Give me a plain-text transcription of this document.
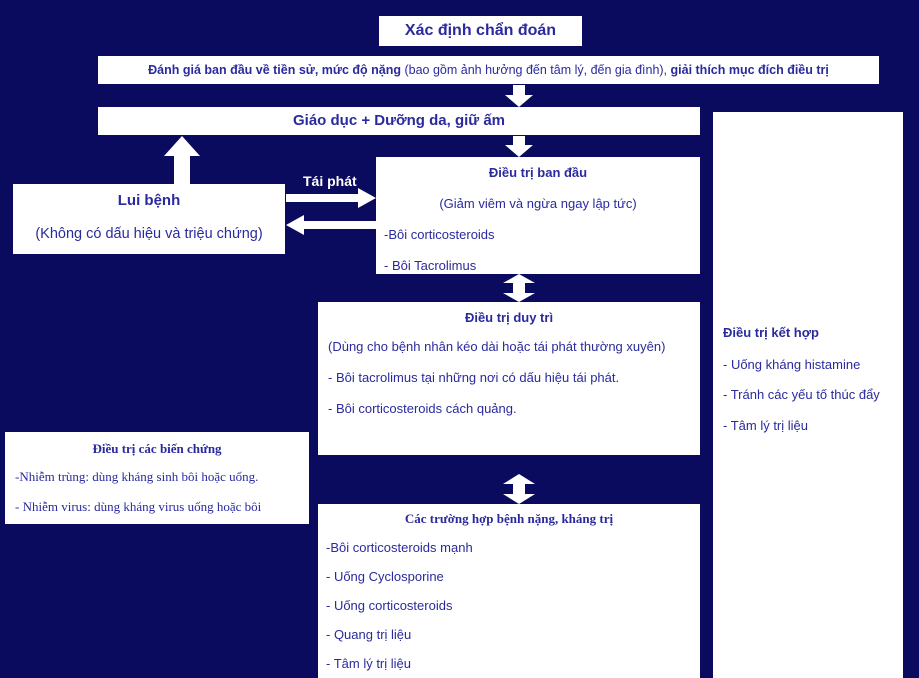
Xác định chẩn đoán
Đánh giá ban đầu về tiền sử, mức độ nặng (bao gồm ảnh hưởng đến tâm lý, đến gia đình), giải thích mục đích điều trị
Giáo dục + Dưỡng da, giữ ấm
Lui bệnh
(Không có dấu hiệu và triệu chứng)
Tái phát
Điều trị ban đầu
(Giảm viêm và ngừa ngay lập tức)
-Bôi corticosteroids
- Bôi Tacrolimus
Điều trị duy trì
(Dùng cho bệnh nhân kéo dài hoặc tái phát thường xuyên)
- Bôi tacrolimus tại những nơi có dấu hiệu tái phát.
- Bôi corticosteroids cách quảng.
Các trường hợp bệnh nặng, kháng trị
-Bôi corticosteroids mạnh
- Uống Cyclosporine
- Uống corticosteroids
- Quang trị liệu
- Tâm lý trị liệu
Điều trị các biến chứng
-Nhiễm trùng: dùng kháng sinh bôi hoặc uống.
- Nhiễm virus: dùng kháng virus uống hoặc bôi
Điều trị kết hợp
- Uống kháng histamine
- Tránh các yếu tố thúc đẩy
- Tâm lý trị liệu
